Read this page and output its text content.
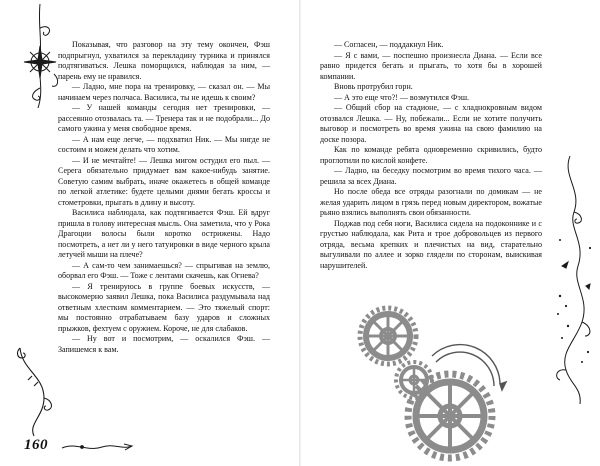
Показывая, что разговор на эту тему окончен, Фэш подпрыгнул, ухватился за перекладину турника и принялся подтягиваться. Лешка поморщился, наблюдая за ним, — парень ему не нравился.

— Ладно, мне пора на тренировку, — сказал он. — Мы начинаем через полчаса. Василиса, ты не идешь к своим?

— У нашей команды сегодня нет тренировки, — рассеянно отозвалась та. — Тренера так и не подобрали... До самого ужина у меня свободное время.

— А нам еще легче, — подхватил Ник. — Мы нигде не состоим и можем делать что хотим.

— И не мечтайте! — Лешка мигом остудил его пыл. — Серега обязательно придумает вам какое-нибудь занятие. Советую самим выбрать, иначе окажетесь в общей команде по легкой атлетике: будете целыми днями бегать кроссы и стометровки, прыгать в длину и высоту.

Василиса наблюдала, как подтягивается Фэш. Ей вдруг пришла в голову интересная мысль. Она заметила, что у Рока Драгоции волосы были коротко острижены. Надо посмотреть, а нет ли у него татуировки в виде черного крыла летучей мыши на плече?

— А сам-то чем занимаешься? — спрыгивая на землю, оборвал его Фэш. — Тоже с лентами скачешь, как Огнева?

— Я тренируюсь в группе боевых искусств, — высокомерно заявил Лешка, пока Василиса раздумывала над ответным хлестким комментарием. — Это тяжелый спорт: мы постоянно отрабатываем базу ударов и сложных прыжков, фехтуем с оружием. Короче, не для слабаков.

— Ну вот и посмотрим, — оскалился Фэш. — Запишемся к вам.

160

— Согласен, — поддакнул Ник.

— Я с вами, — поспешно произнесла Диана. — Если все равно придется бегать и прыгать, то хотя бы в хорошей компании.

Вновь протрубил горн.

— А это еще что?! — возмутился Фэш.

— Общий сбор на стадионе, — с хладнокровным видом отозвался Лешка. — Ну, побежали... Если не хотите получить выговор и посмотреть во время ужина на свою фамилию на доске позора.

Как по команде ребята одновременно скривились, будто проглотили по кислой конфете.

— Ладно, на беседку посмотрим во время тихого часа. — решила за всех Диана.

Но после обеда все отряды разогнали по домикам — не желая ударить лицом в грязь перед новым директором, вожатые рьяно взялись выполнять свои обязанности.

Поджав под себя ноги, Василиса сидела на подоконнике и с грустью наблюдала, как Рита и трое добровольцев из первого отряда, весьма крепких и плечистых на вид, старательно выгуливали по аллее и зорко глядели по сторонам, выискивая нарушителей.
